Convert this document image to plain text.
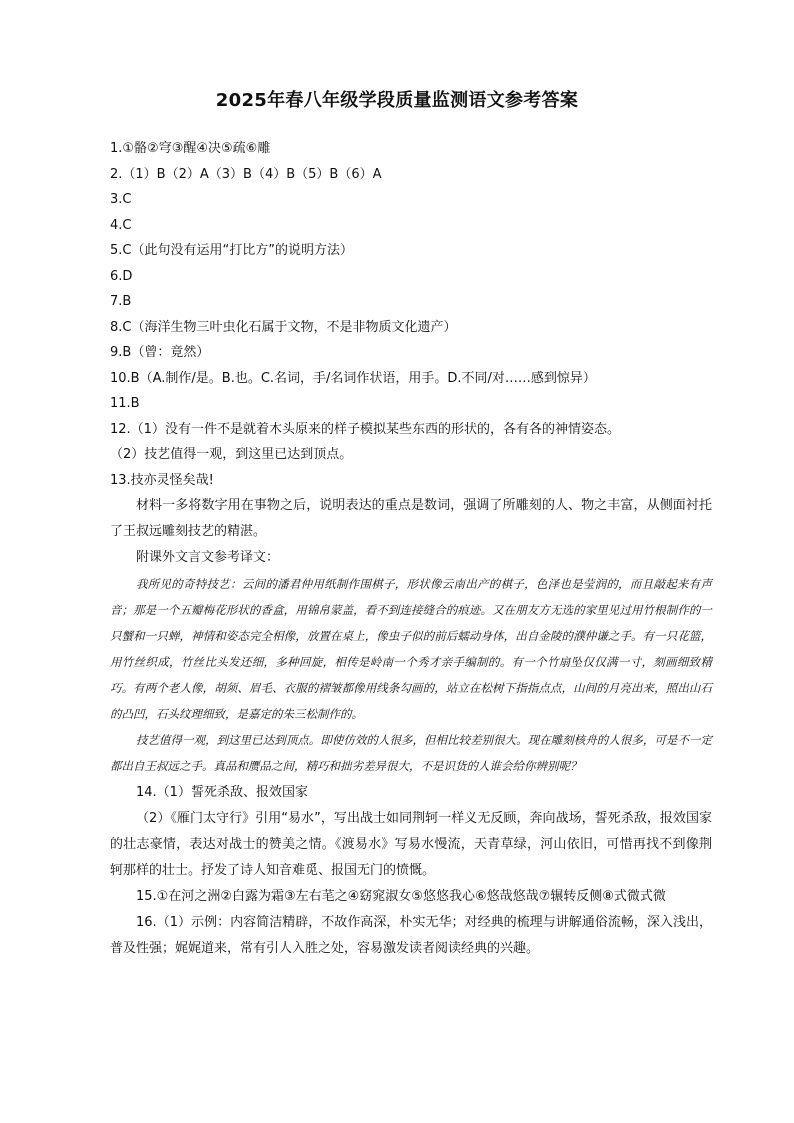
2025年春八年级学段质量监测语文参考答案
1.①骼②穹③醒④决⑤疏⑥雕
2.（1）B（2）A（3）B（4）B（5）B（6）A
3.C
4.C
5.C（此句没有运用“打比方”的说明方法）
6.D
7.B
8.C（海洋生物三叶虫化石属于文物，不是非物质文化遗产）
9.B（曾：竟然）
10.B（A.制作/是。B.也。C.名词，手/名词作状语，用手。D.不同/对……感到惊异）
11.B
12.（1）没有一件不是就着木头原来的样子模拟某些东西的形状的，各有各的神情姿态。
（2）技艺值得一观，到这里已达到顶点。
13.技亦灵怪矣哉!
材料一多将数字用在事物之后，说明表达的重点是数词，强调了所雕刻的人、物之丰富，从侧面衬托了王叔远雕刻技艺的精湛。
附课外文言文参考译文：
我所见的奇特技艺：云间的潘君仲用纸制作围棋子，形状像云南出产的棋子，色泽也是莹润的，而且敲起来有声音；那是一个五瓣梅花形状的香盒，用锦帛蒙盖，看不到连接缝合的痕迹。又在朋友方无选的家里见过用竹根制作的一只蟹和一只蝉，神情和姿态完全相像，放置在桌上，像虫子似的前后蠕动身体，出自金陵的濮仲谦之手。有一只花篮，用竹丝织成，竹丝比头发还细，多种回旋，相传是岭南一个秀才亲手编制的。有一个竹扇坠仅仅满一寸，刻画细致精巧。有两个老人像，胡须、眉毛、衣服的褶皱都像用线条勾画的，站立在松树下指指点点，山间的月亮出来，照出山石的凸凹，石头纹理细致，是嘉定的朱三松制作的。
技艺值得一观，到这里已达到顶点。即使仿效的人很多，但相比较差别很大。现在雕刻核舟的人很多，可是不一定都出自王叔远之手。真品和赝品之间，精巧和拙劣差异很大，不是识货的人谁会给你辨别呢？
14.（1）誓死杀敌、报效国家
（2）《雁门太守行》引用“易水”，写出战士如同荆轲一样义无反顾，奔向战场，誓死杀敌，报效国家的壮志豪情，表达对战士的赞美之情。《渡易水》写易水慢流，天青草绿，河山依旧，可惜再找不到像荆轲那样的壮士。抒发了诗人知音难觅、报国无门的愤慨。
15.①在河之洲②白露为霜③左右芼之④窈窕淑女⑤悠悠我心⑥悠哉悠哉⑦辗转反侧⑧式微式微
16.（1）示例：内容简洁精辟，不故作高深，朴实无华；对经典的梳理与讲解通俗流畅，深入浅出，普及性强；娓娓道来，常有引人入胜之处，容易激发读者阅读经典的兴趣。
